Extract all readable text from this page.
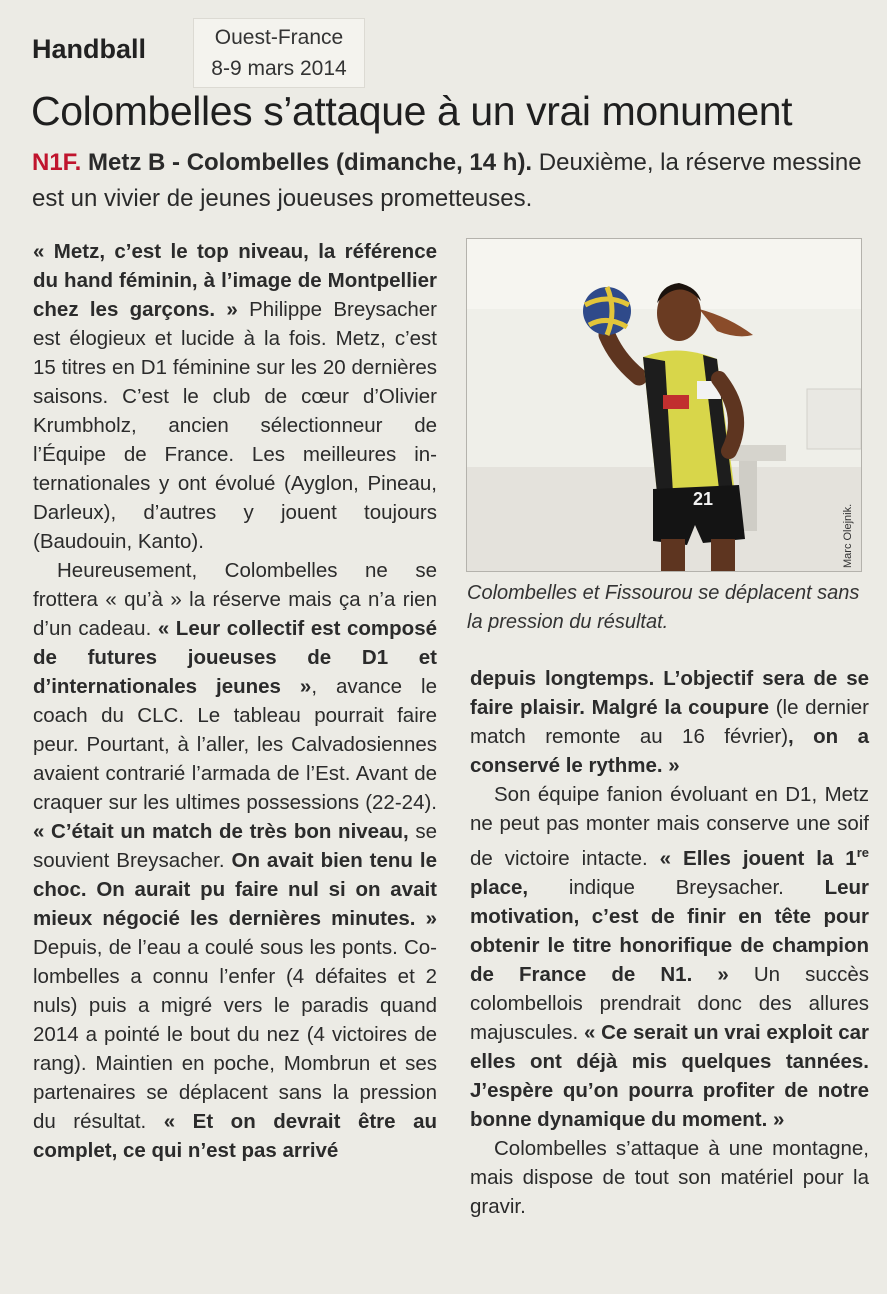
Handball	Ouest-France
8-9 mars 2014
Colombelles s’attaque à un vrai monument
N1F. Metz B - Colombelles (dimanche, 14 h). Deuxième, la réserve messine est un vivier de jeunes joueuses prometteuses.
21
Marc Olejnik.
Colombelles et Fissourou se déplacent sans la pression du résultat.

« Metz, c’est le top niveau, la référence du hand féminin, à l’image de Montpellier chez les garçons. » Philippe Breysacher est élogieux et lucide à la fois. Metz, c’est 15 titres en D1 féminine sur les 20 dernières saisons. C’est le club de cœur d’Olivier Krumbholz, ancien sélectionneur de l’Équipe de France. Les meilleures internationales y ont évolué (Ayglon, Pineau, Darleux), d’autres y jouent toujours (Baudouin, Kanto).

Heureusement, Colombelles ne se frottera « qu’à » la réserve mais ça n’a rien d’un cadeau. « Leur collectif est composé de futures joueuses de D1 et d’internationales jeunes », avance le coach du CLC. Le tableau pourrait faire peur. Pourtant, à l’aller, les Calvadosiennes avaient contrarié l’armada de l’Est. Avant de craquer sur les ultimes possessions (22-24). « C’était un match de très bon niveau, se souvient Breysacher. On avait bien tenu le choc. On aurait pu faire nul si on avait mieux négocié les dernières minutes. » Depuis, de l’eau a coulé sous les ponts. Colombelles a connu l’enfer (4 défaites et 2 nuls) puis a migré vers le paradis quand 2014 a pointé le bout du nez (4 victoires de rang). Maintien en poche, Mombrun et ses partenaires se déplacent sans la pression du résultat. « Et on devrait être au complet, ce qui n’est pas arrivé

depuis longtemps. L’objectif sera de se faire plaisir. Malgré la coupure (le dernier match remonte au 16 février), on a conservé le rythme. »

Son équipe fanion évoluant en D1, Metz ne peut pas monter mais conserve une soif de victoire intacte. « Elles jouent la 1re place, indique Breysacher. Leur motivation, c’est de finir en tête pour obtenir le titre honorifique de champion de France de N1. » Un succès colombellois prendrait donc des allures majuscules. « Ce serait un vrai exploit car elles ont déjà mis quelques tannées. J’espère qu’on pourra profiter de notre bonne dynamique du moment. »

Colombelles s’attaque à une montagne, mais dispose de tout son matériel pour la gravir.
